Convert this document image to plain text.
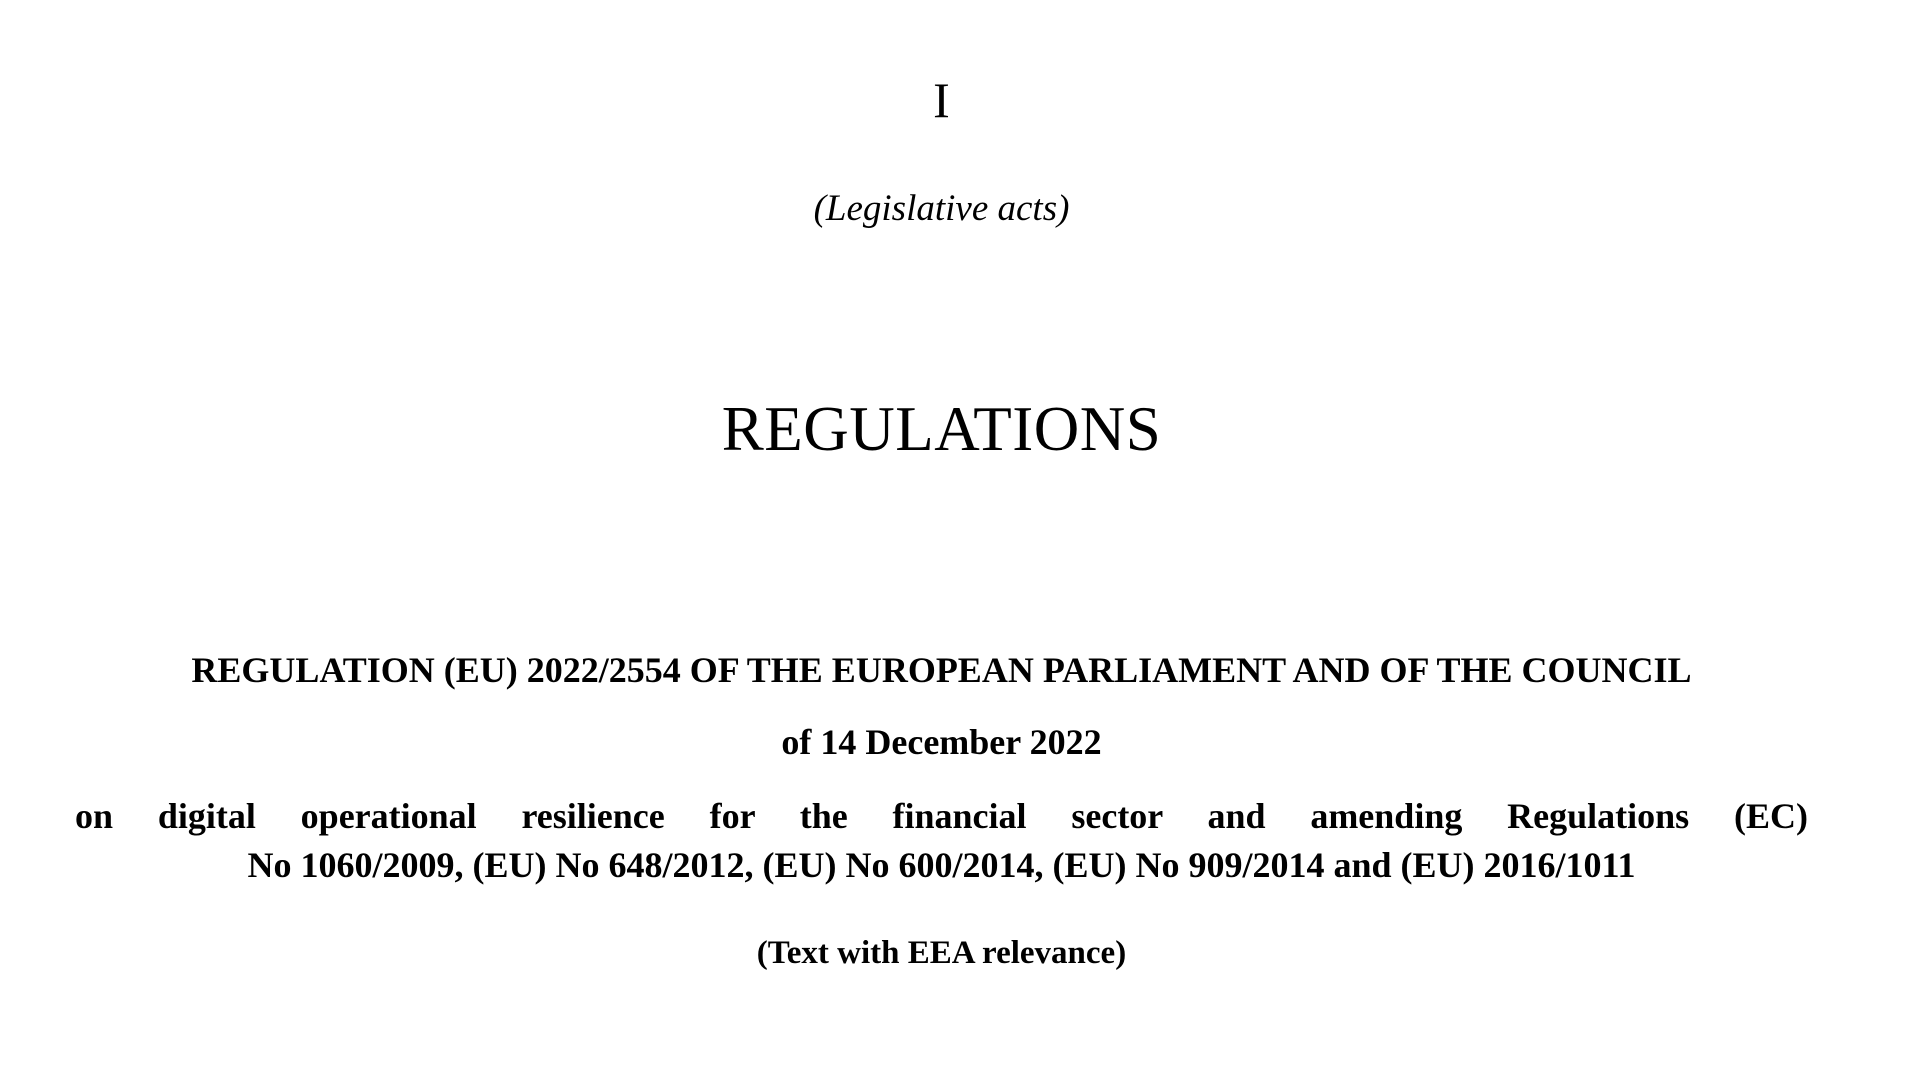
I
(Legislative acts)
REGULATIONS
REGULATION (EU) 2022/2554 OF THE EUROPEAN PARLIAMENT AND OF THE COUNCIL
of 14 December 2022
on digital operational resilience for the financial sector and amending Regulations (EC)
No 1060/2009, (EU) No 648/2012, (EU) No 600/2014, (EU) No 909/2014 and (EU) 2016/1011
(Text with EEA relevance)
